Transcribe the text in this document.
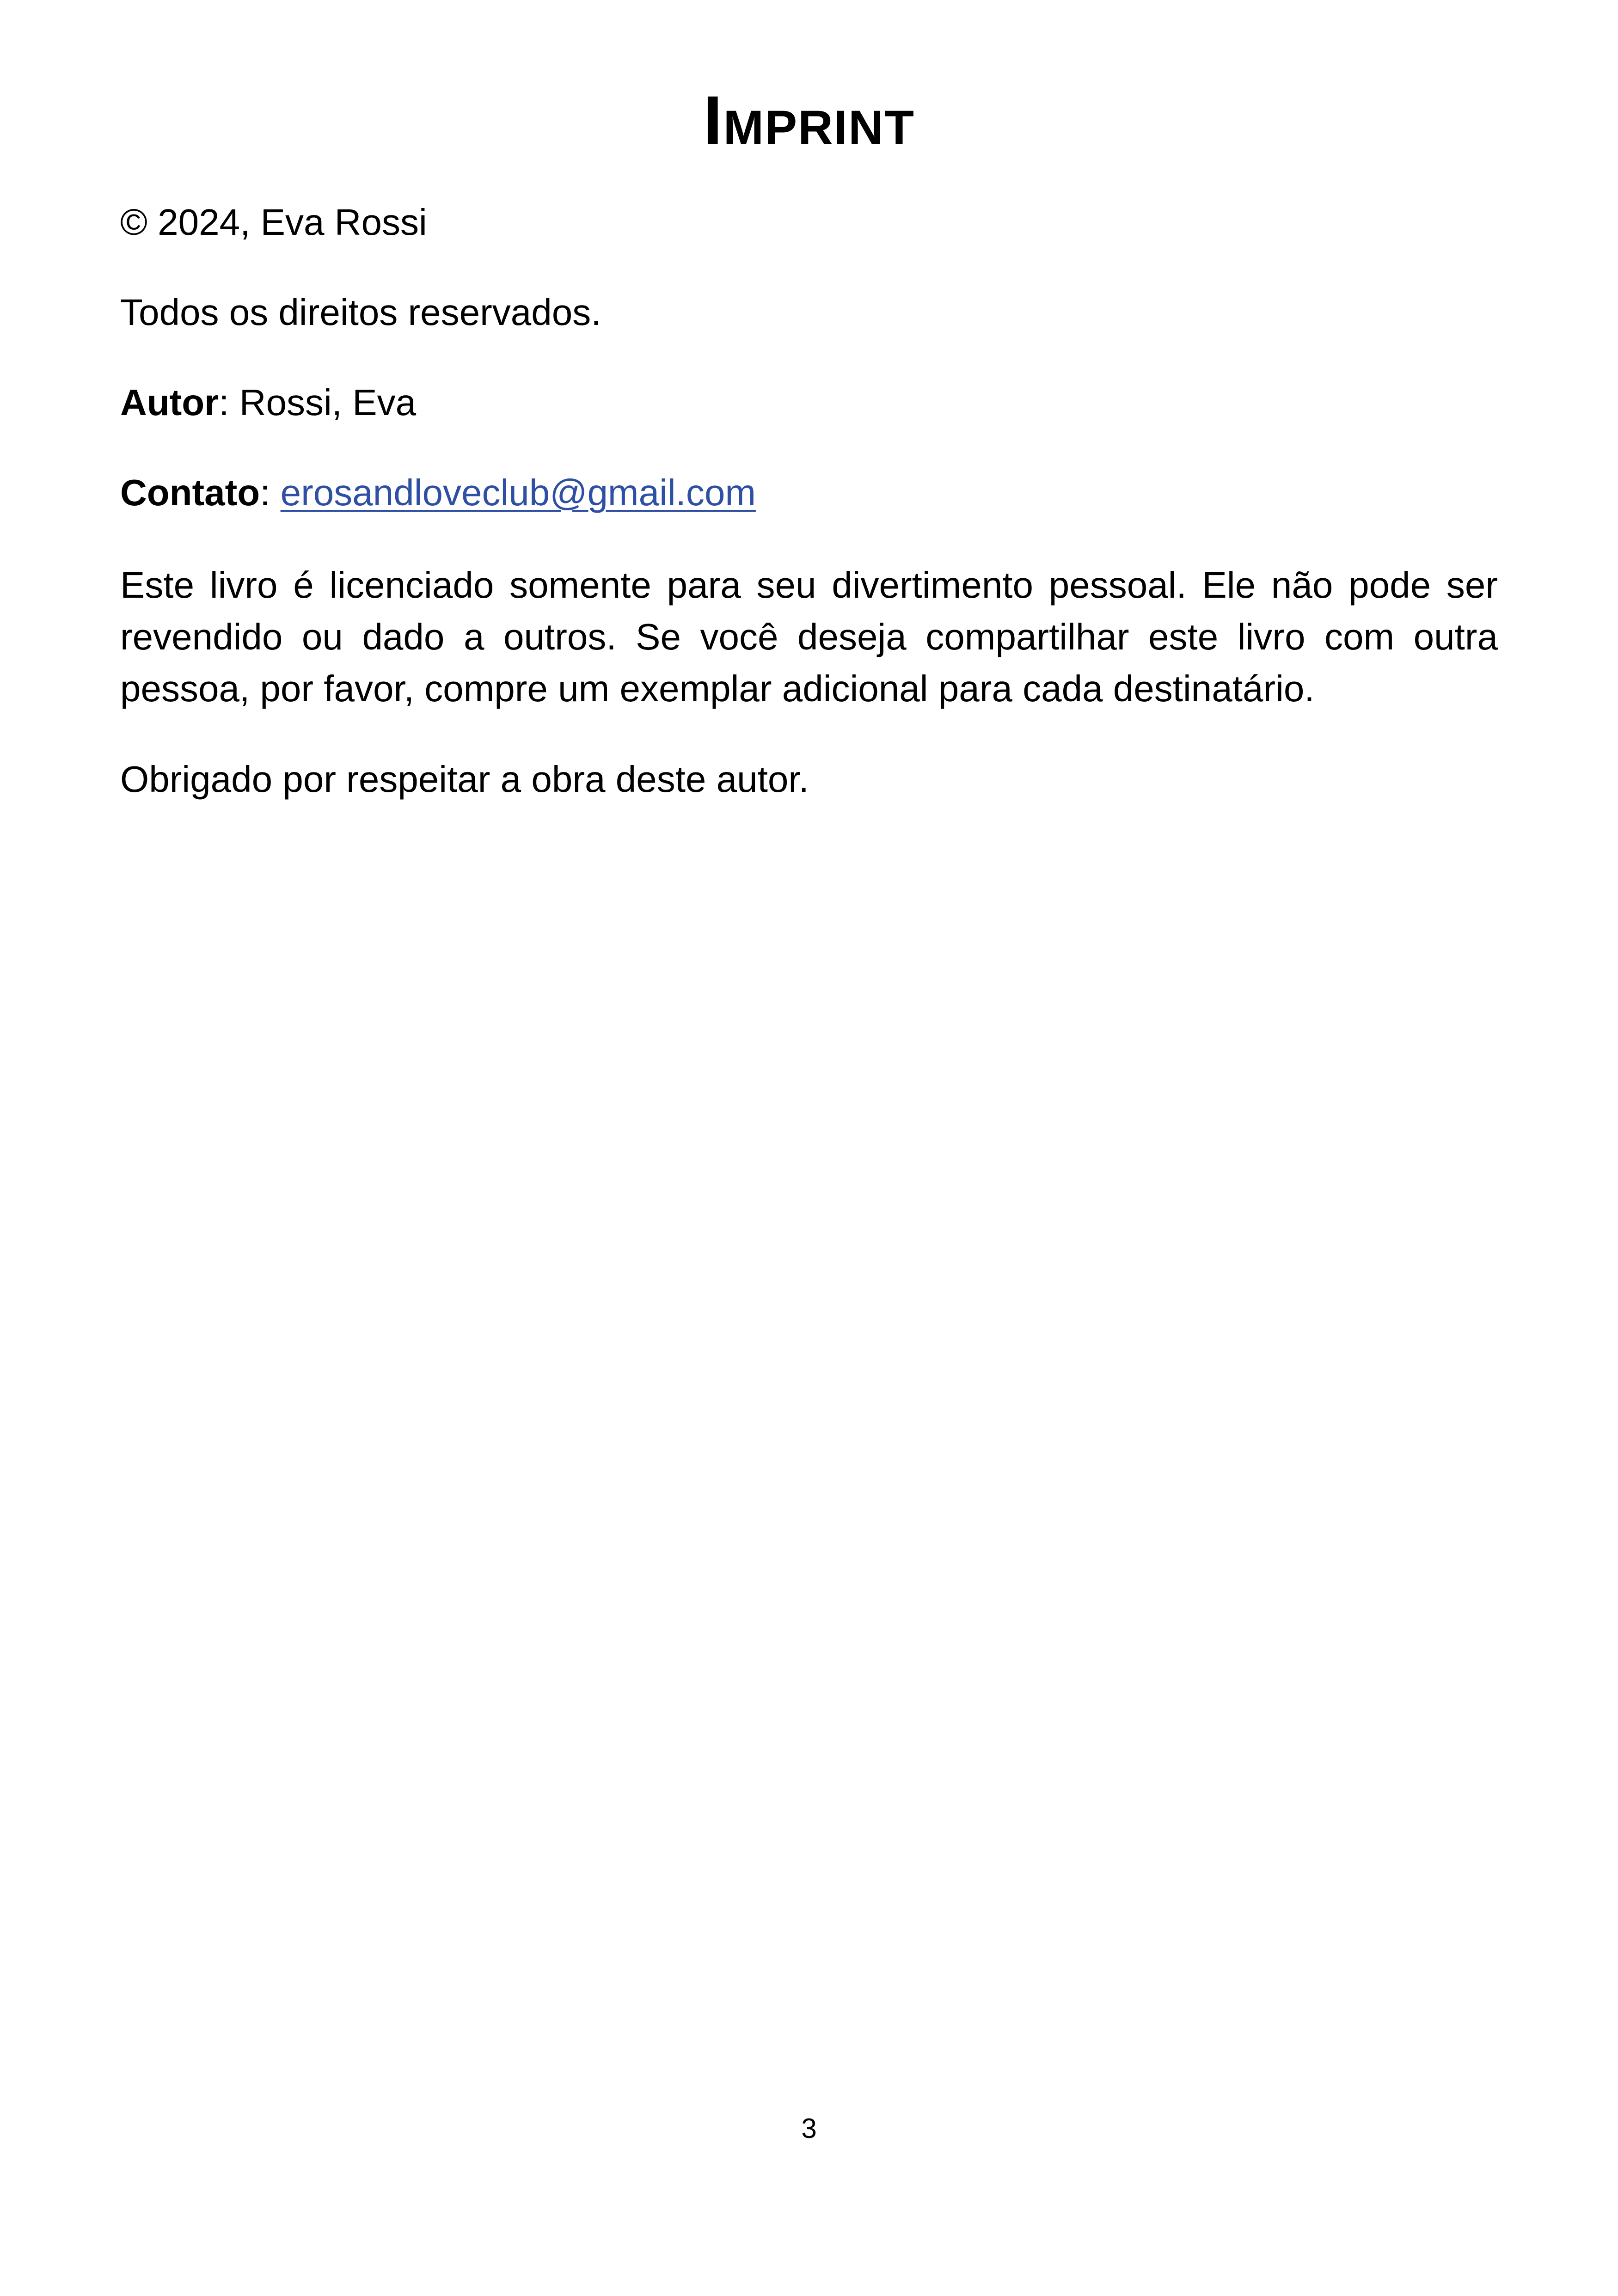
Imprint

© 2024, Eva Rossi

Todos os direitos reservados.

Autor: Rossi, Eva

Contato: erosandloveclub@gmail.com

Este livro é licenciado somente para seu divertimento pessoal. Ele não pode ser revendido ou dado a outros. Se você deseja compartilhar este livro com outra pessoa, por favor, compre um exemplar adicional para cada destinatário.

Obrigado por respeitar a obra deste autor.

3
